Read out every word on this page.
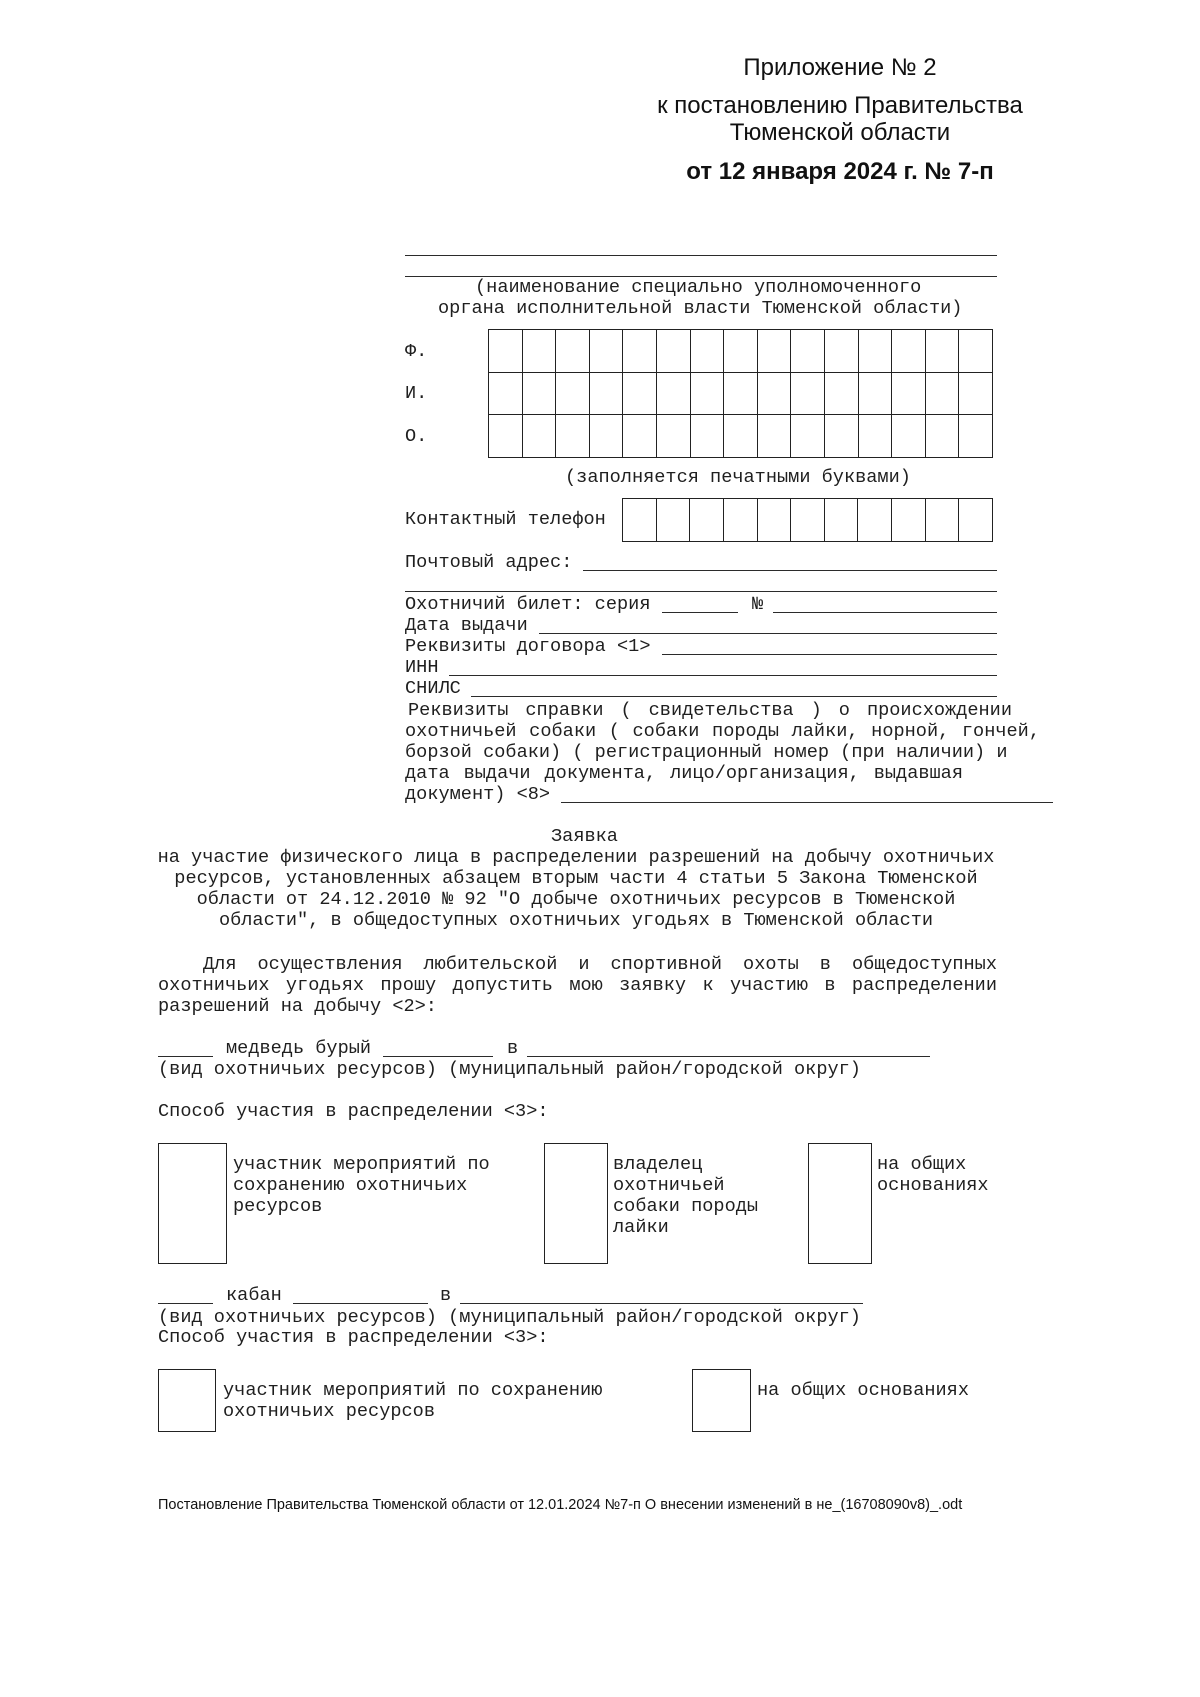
Приложение № 2
к постановлению Правительства
Тюменской области
от 12 января 2024 г. № 7-п
(наименование специально уполномоченного
органа исполнительной власти Тюменской области)
Ф.
И.
О.
(заполняется печатными буквами)
Контактный телефон
Почтовый адрес:
Охотничий билет: серия	№
Дата выдачи
Реквизиты договора <1>
ИНН
СНИЛС
Реквизиты справки ( свидетельства ) о происхождении
охотничьей собаки ( собаки породы лайки, норной, гончей,
борзой собаки) ( регистрационный номер (при наличии) и
дата выдачи документа, лицо/организация, выдавшая
документ) <8>
Заявка
на участие физического лица в распределении разрешений на добычу охотничьих
ресурсов, установленных абзацем вторым части 4 статьи 5 Закона Тюменской
области от 24.12.2010 № 92 "О добыче охотничьих ресурсов в Тюменской
области", в общедоступных охотничьих угодьях в Тюменской области
Для осуществления любительской и спортивной охоты в общедоступных
охотничьих угодьях прошу допустить мою заявку к участию в распределении
разрешений на добычу <2>:
медведь бурый	в
(вид охотничьих ресурсов) (муниципальный район/городской округ)
Способ участия в распределении <3>:
участник мероприятий по
сохранению охотничьих
ресурсов
владелец
охотничьей
собаки породы
лайки
на общих
основаниях
кабан	в
(вид охотничьих ресурсов) (муниципальный район/городской округ)
Способ участия в распределении <3>:
участник мероприятий по сохранению
охотничьих ресурсов
на общих основаниях
Постановление Правительства Тюменской области от 12.01.2024 №7-п О внесении изменений в не_(16708090v8)_.odt
